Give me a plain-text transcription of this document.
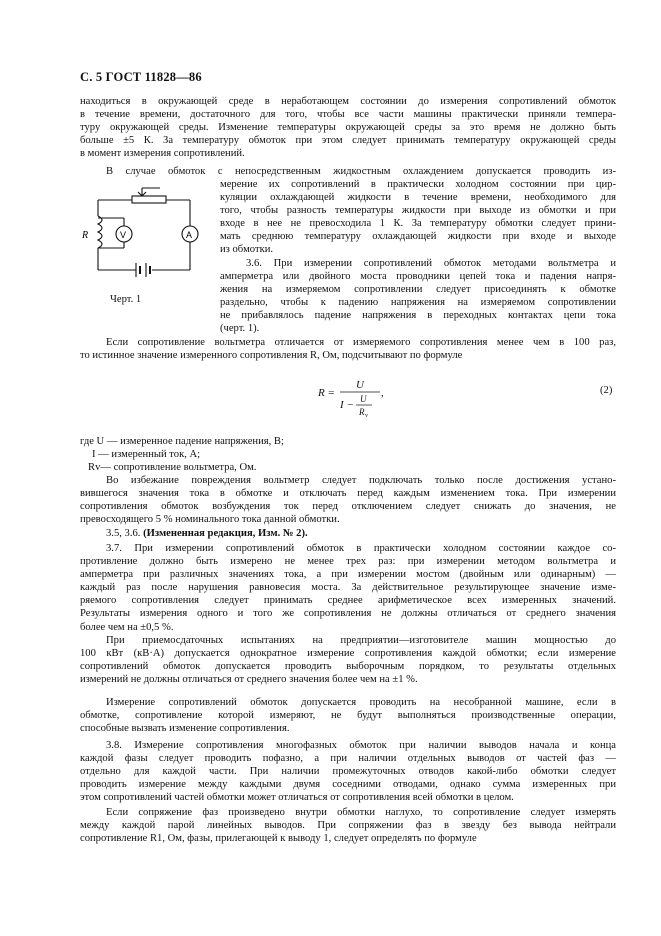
С. 5 ГОСТ 11828—86
находиться в окружающей среде в неработающем состоянии до измерения сопротивлений обмоток
в течение времени, достаточного для того, чтобы все части машины практически приняли темпера-
туру окружающей среды. Изменение температуры окружающей среды за это время не должно быть
больше ±5 К. За температуру обмоток при этом следует принимать температуру окружающей среды
в момент измерения сопротивлений.
В случае обмоток с непосредственным жидкостным охлаждением допускается проводить из-
мерение их сопротивлений в практически холодном состоянии при цир-
куляции охлаждающей жидкости в течение времени, необходимого для
того, чтобы разность температуры жидкости при выходе из обмотки и при
входе в нее не превосходила 1 К. За температуру обмотки следует прини-
мать среднюю температуру охлаждающей жидкости при входе и выходе
из обмотки.
3.6. При измерении сопротивлений обмоток методами вольтметра и
амперметра или двойного моста проводники цепей тока и падения напря-
жения на измеряемом сопротивлении следует присоединять к обмотке
раздельно, чтобы к падению напряжения на измеряемом сопротивлении
не прибавлялось падение напряжения в переходных контактах цепи тока
(черт. 1).
R	V	A
Черт. 1
Если сопротивление вольтметра отличается от измеряемого сопротивления менее чем в 100 раз,
то истинное значение измеренного сопротивления R, Ом, подсчитывают по формуле
R =
U
I − U
R v
,	(2)
где U — измеренное падение напряжения, В;
I — измеренный ток, А;
Rv— сопротивление вольтметра, Ом.
Во избежание повреждения вольтметр следует подключать только после достижения устано-
вившегося значения тока в обмотке и отключать перед каждым изменением тока. При измерении
сопротивления обмоток возбуждения ток перед отключением следует снижать до значения, не
превосходящего 5 % номинального тока данной обмотки.
3.5, 3.6. (Измененная редакция, Изм. № 2).
3.7. При измерении сопротивлений обмоток в практически холодном состоянии каждое со-
противление должно быть измерено не менее трех раз: при измерении методом вольтметра и
амперметра при различных значениях тока, а при измерении мостом (двойным или одинарным) —
каждый раз после нарушения равновесия моста. За действительное результирующее значение изме-
ряемого сопротивления следует принимать среднее арифметическое всех измеренных значений.
Результаты измерения одного и того же сопротивления не должны отличаться от среднего значения
более чем на ±0,5 %.
При приемосдаточных испытаниях на предприятии—изготовителе машин мощностью до
100 кВт (кВ·А) допускается однократное измерение сопротивления каждой обмотки; если измерение
сопротивлений обмоток допускается проводить выборочным порядком, то результаты отдельных
измерений не должны отличаться от среднего значения более чем на ±1 %.
Измерение сопротивлений обмоток допускается проводить на несобранной машине, если в
обмотке, сопротивление которой измеряют, не будут выполняться производственные операции,
способные вызвать изменение сопротивления.
3.8. Измерение сопротивления многофазных обмоток при наличии выводов начала и конца
каждой фазы следует проводить пофазно, а при наличии отдельных выводов от частей фаз —
отдельно для каждой части. При наличии промежуточных отводов какой-либо обмотки следует
проводить измерение между каждыми двумя соседними отводами, однако сумма измеренных при
этом сопротивлений частей обмотки может отличаться от сопротивления всей обмотки в целом.
Если сопряжение фаз произведено внутри обмотки наглухо, то сопротивление следует измерять
между каждой парой линейных выводов. При сопряжении фаз в звезду без вывода нейтрали
сопротивление R1, Ом, фазы, прилегающей к выводу 1, следует определять по формуле
